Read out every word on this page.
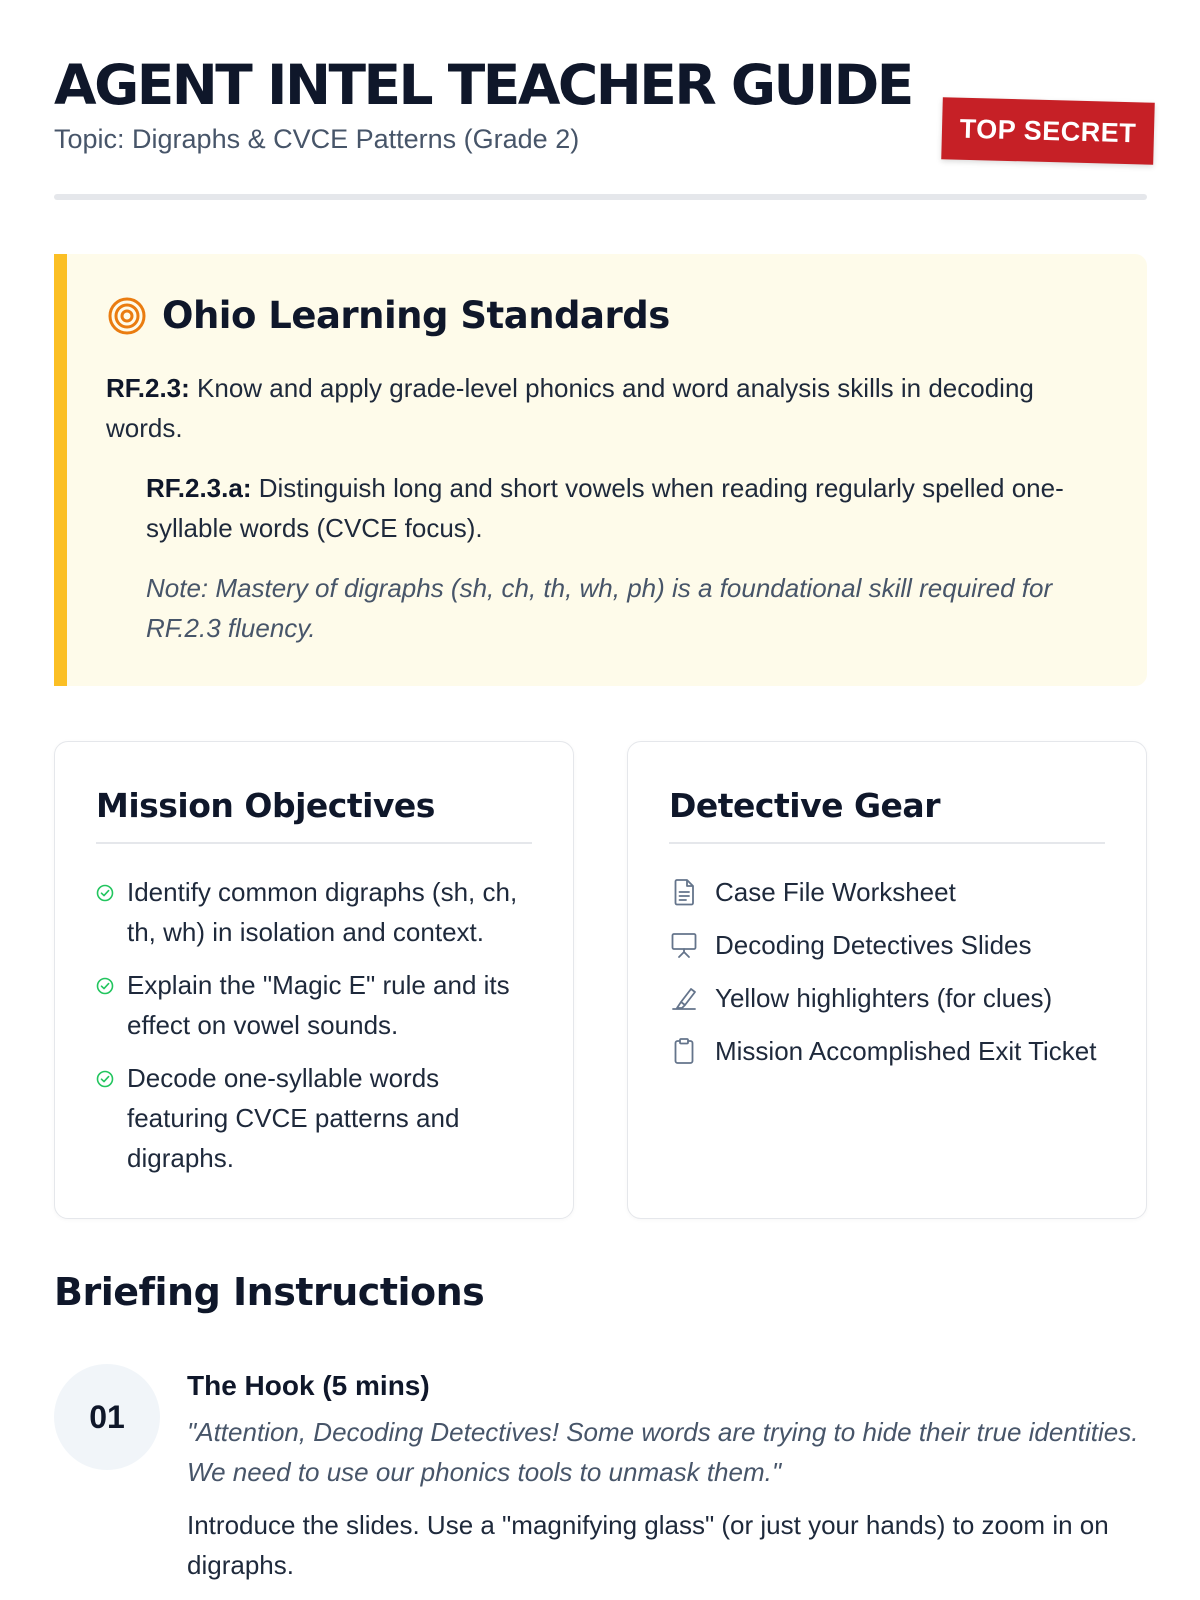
AGENT INTEL TEACHER GUIDE
Topic: Digraphs & CVCE Patterns (Grade 2)	TOP SECRET
Ohio Learning Standards

RF.2.3: Know and apply grade-level phonics and word analysis skills in decoding words.

RF.2.3.a: Distinguish long and short vowels when reading regularly spelled one-syllable words (CVCE focus).

Note: Mastery of digraphs (sh, ch, th, wh, ph) is a foundational skill required for RF.2.3 fluency.

Mission Objectives
Identify common digraphs (sh, ch, th, wh) in isolation and context.
Explain the "Magic E" rule and its effect on vowel sounds.
Decode one-syllable words featuring CVCE patterns and digraphs.
Detective Gear
Case File Worksheet
Decoding Detectives Slides
Yellow highlighters (for clues)
Mission Accomplished Exit Ticket
Briefing Instructions
01
The Hook (5 mins)
"Attention, Decoding Detectives! Some words are trying to hide their true identities. We need to use our phonics tools to unmask them."
Introduce the slides. Use a "magnifying glass" (or just your hands) to zoom in on digraphs.
